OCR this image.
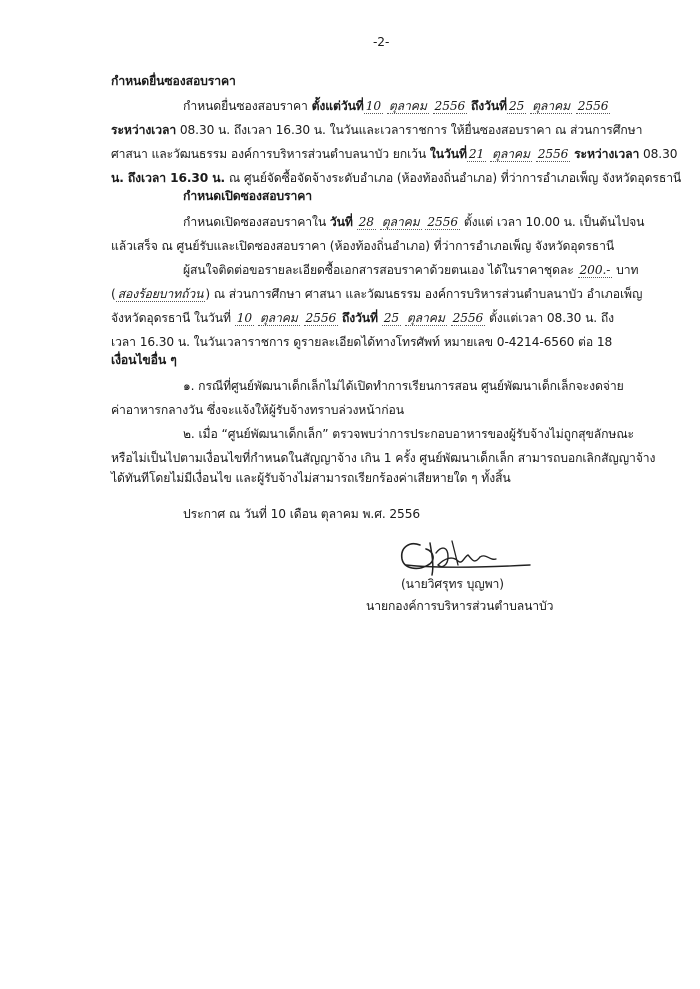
-2-
กำหนดยื่นซองสอบราคา
กำหนดยื่นซองสอบราคา ตั้งแต่วันที่ 10 ตุลาคม 2556 ถึงวันที่ 25 ตุลาคม 2556
ระหว่างเวลา 08.30 น. ถึงเวลา 16.30 น. ในวันและเวลาราชการ ให้ยื่นซองสอบราคา ณ ส่วนการศึกษา
ศาสนา และวัฒนธรรม องค์การบริหารส่วนตำบลนาบัว ยกเว้น ในวันที่ 21 ตุลาคม 2556 ระหว่างเวลา 08.30
น. ถึงเวลา 16.30 น. ณ ศูนย์จัดซื้อจัดจ้างระดับอำเภอ (ห้องท้องถิ่นอำเภอ) ที่ว่าการอำเภอเพ็ญ จังหวัดอุดรธานี
กำหนดเปิดซองสอบราคา
กำหนดเปิดซองสอบราคาใน วันที่ 28 ตุลาคม 2556 ตั้งแต่ เวลา 10.00 น. เป็นต้นไปจน
แล้วเสร็จ ณ ศูนย์รับและเปิดซองสอบราคา (ห้องท้องถิ่นอำเภอ) ที่ว่าการอำเภอเพ็ญ จังหวัดอุดรธานี
ผู้สนใจติดต่อขอรายละเอียดซื้อเอกสารสอบราคาด้วยตนเอง ได้ในราคาชุดละ 200.- บาท
( สองร้อยบาทถ้วน ) ณ ส่วนการศึกษา ศาสนา และวัฒนธรรม องค์การบริหารส่วนตำบลนาบัว อำเภอเพ็ญ
จังหวัดอุดรธานี ในวันที่ 10 ตุลาคม 2556 ถึงวันที่ 25 ตุลาคม 2556 ตั้งแต่เวลา 08.30 น. ถึง
เวลา 16.30 น. ในวันเวลาราชการ ดูรายละเอียดได้ทางโทรศัพท์ หมายเลข 0-4214-6560 ต่อ 18
เงื่อนไขอื่น ๆ
๑. กรณีที่ศูนย์พัฒนาเด็กเล็กไม่ได้เปิดทำการเรียนการสอน ศูนย์พัฒนาเด็กเล็กจะงดจ่าย
ค่าอาหารกลางวัน ซึ่งจะแจ้งให้ผู้รับจ้างทราบล่วงหน้าก่อน
๒. เมื่อ “ศูนย์พัฒนาเด็กเล็ก” ตรวจพบว่าการประกอบอาหารของผู้รับจ้างไม่ถูกสุขลักษณะ
หรือไม่เป็นไปตามเงื่อนไขที่กำหนดในสัญญาจ้าง เกิน 1 ครั้ง ศูนย์พัฒนาเด็กเล็ก สามารถบอกเลิกสัญญาจ้าง
ได้ทันทีโดยไม่มีเงื่อนไข และผู้รับจ้างไม่สามารถเรียกร้องค่าเสียหายใด ๆ ทั้งสิ้น
ประกาศ ณ วันที่ 10 เดือน ตุลาคม พ.ศ. 2556
(นายวิศรุทร บุญพา)
นายกองค์การบริหารส่วนตำบลนาบัว
